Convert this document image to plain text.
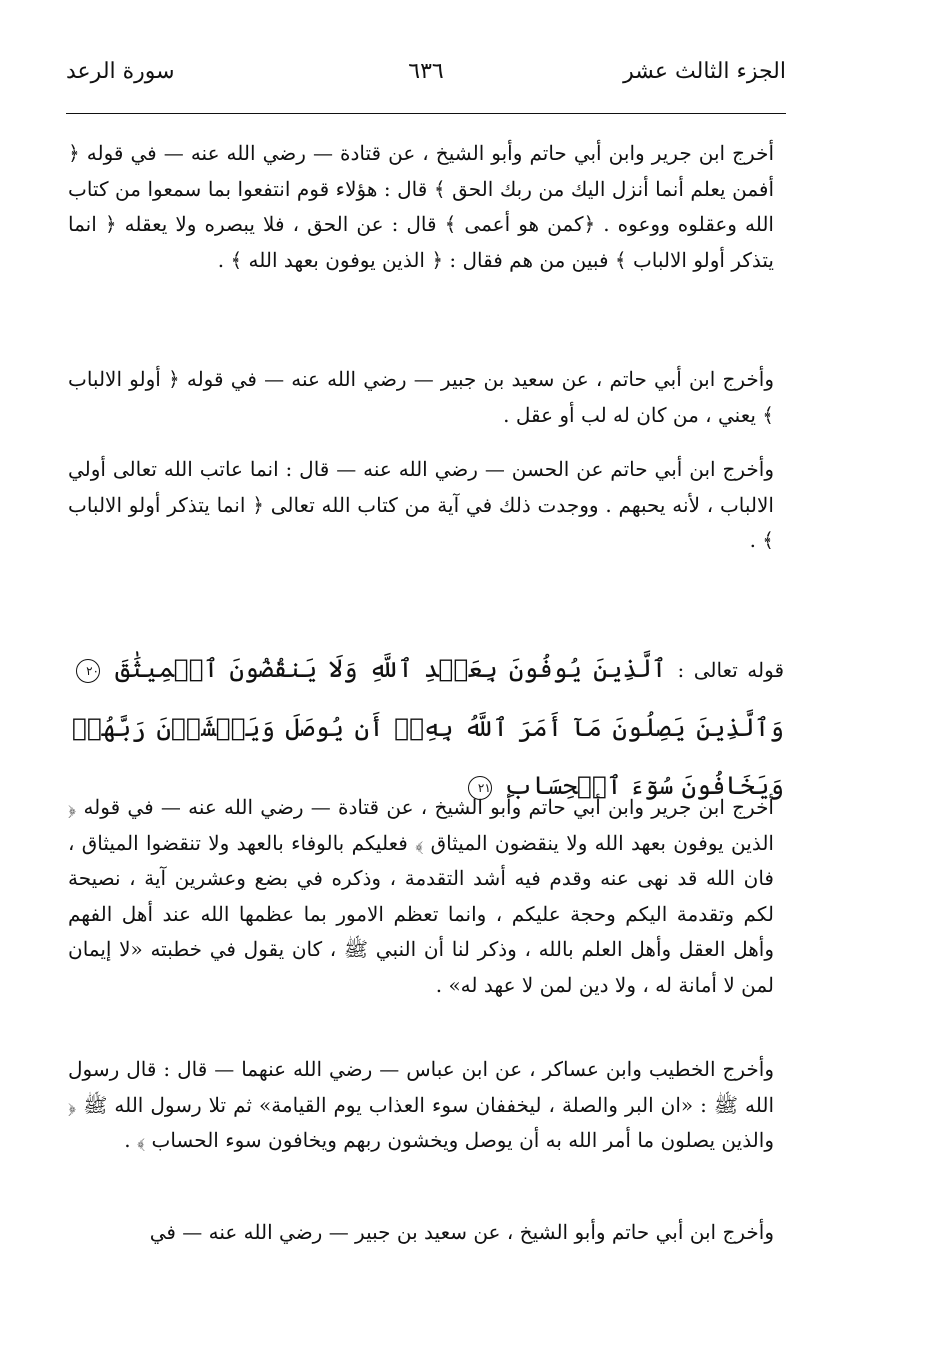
الجزء الثالث عشر
٦٣٦
سورة الرعد

أخرج ابن جرير وابن أبي حاتم وأبو الشيخ ، عن قتادة — رضي الله عنه — في قوله ﴿ أفمن يعلم أنما أنزل اليك من ربك الحق ﴾ قال : هؤلاء قوم انتفعوا بما سمعوا من كتاب الله وعقلوه ووعوه . ﴿كمن هو أعمى ﴾ قال : عن الحق ، فلا يبصره ولا يعقله ﴿ انما يتذكر أولو الالباب ﴾ فبين من هم فقال : ﴿ الذين يوفون بعهد الله ﴾ .

وأخرج ابن أبي حاتم ، عن سعيد بن جبير — رضي الله عنه — في قوله ﴿ أولو الالباب ﴾ يعني ، من كان له لب أو عقل .

وأخرج ابن أبي حاتم عن الحسن — رضي الله عنه — قال : انما عاتب الله تعالى أولي الالباب ، لأنه يحبهم . ووجدت ذلك في آية من كتاب الله تعالى ﴿ انما يتذكر أولو الالباب ﴾ .

قوله تعالى : ٱلَّذِينَ يُوفُونَ بِعَهۡدِ ٱللَّهِ وَلَا يَنقُضُونَ ٱلۡمِيثَٰقَ ٢٠ وَٱلَّذِينَ يَصِلُونَ مَآ أَمَرَ ٱللَّهُ بِهِۦٓ أَن يُوصَلَ وَيَخۡشَوۡنَ رَبَّهُمۡ وَيَخَافُونَ سُوٓءَ ٱلۡحِسَابِ ٢١

أخرج ابن جرير وابن أبي حاتم وأبو الشيخ ، عن قتادة — رضي الله عنه — في قوله ﴿ الذين يوفون بعهد الله ولا ينقضون الميثاق ﴾ فعليكم بالوفاء بالعهد ولا تنقضوا الميثاق ، فان الله قد نهى عنه وقدم فيه أشد التقدمة ، وذكره في بضع وعشرين آية ، نصيحة لكم وتقدمة اليكم وحجة عليكم ، وانما تعظم الامور بما عظمها الله عند أهل الفهم وأهل العقل وأهل العلم بالله ، وذكر لنا أن النبي ﷺ ، كان يقول في خطبته «لا إيمان لمن لا أمانة له ، ولا دين لمن لا عهد له» .

وأخرج الخطيب وابن عساكر ، عن ابن عباس — رضي الله عنهما — قال : قال رسول الله ﷺ : «ان البر والصلة ، ليخففان سوء العذاب يوم القيامة» ثم تلا رسول الله ﷺ ﴿ والذين يصلون ما أمر الله به أن يوصل ويخشون ربهم ويخافون سوء الحساب ﴾ .

وأخرج ابن أبي حاتم وأبو الشيخ ، عن سعيد بن جبير — رضي الله عنه — في
